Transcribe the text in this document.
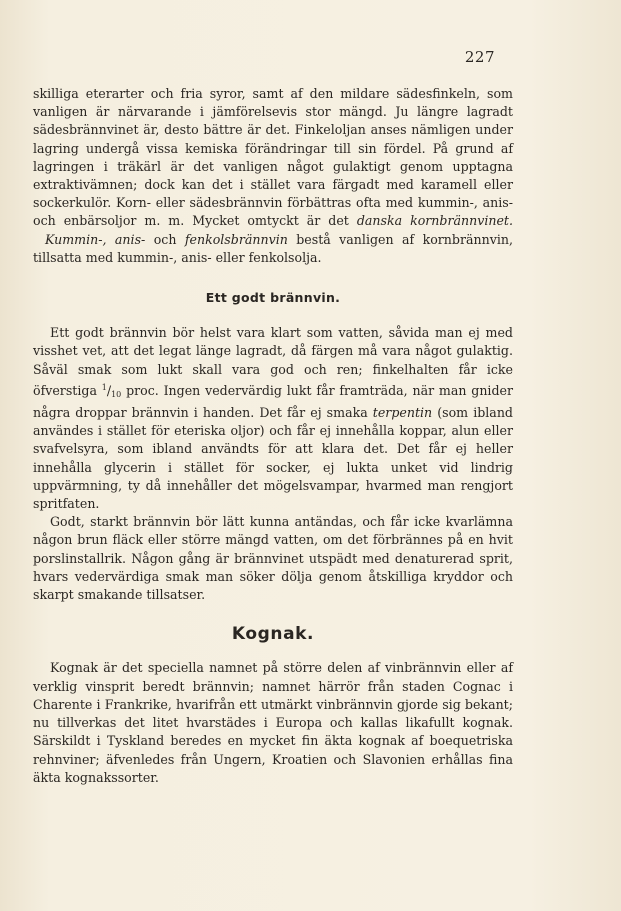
227

skilliga eterarter och fria syror, samt af den mildare sädesfinkeln, som vanligen är närvarande i jämförelsevis stor mängd. Ju längre lagradt sädesbrännvinet är, desto bättre är det. Finkeloljan anses nämligen under lagring undergå vissa kemiska förändringar till sin fördel. På grund af lagringen i träkärl är det vanligen något gulaktigt genom upptagna extraktivämnen; dock kan det i stället vara färgadt med karamell eller sockerkulör. Korn- eller sädesbrännvin förbättras ofta med kummin-, anis- och enbärsoljor m. m. Mycket omtyckt är det danska kornbrännvinet. Kummin-, anis- och fenkolsbrännvin bestå vanligen af kornbrännvin, tillsatta med kummin-, anis- eller fenkolsolja.

Ett godt brännvin.

Ett godt brännvin bör helst vara klart som vatten, såvida man ej med visshet vet, att det legat länge lagradt, då färgen må vara något gulaktig. Såväl smak som lukt skall vara god och ren; finkelhalten får icke öfverstiga $^1/_{10}$ proc. Ingen vedervärdig lukt får framträda, när man gnider några droppar brännvin i handen. Det får ej smaka terpentin (som ibland användes i stället för eteriska oljor) och får ej innehålla koppar, alun eller svafvelsyra, som ibland användts för att klara det. Det får ej heller innehålla glycerin i stället för socker, ej lukta unket vid lindrig uppvärmning, ty då innehåller det mögelsvampar, hvarmed man rengjort spritfaten.

Godt, starkt brännvin bör lätt kunna antändas, och får icke kvarlämna någon brun fläck eller större mängd vatten, om det förbrännes på en hvit porslinstallrik. Någon gång är brännvinet utspädt med denaturerad sprit, hvars vedervärdiga smak man söker dölja genom åtskilliga kryddor och skarpt smakande tillsatser.

Kognak.

Kognak är det speciella namnet på större delen af vinbrännvin eller af verklig vinsprit beredt brännvin; namnet härrör från staden Cognac i Charente i Frankrike, hvarifrån ett utmärkt vinbrännvin gjorde sig bekant; nu tillverkas det litet hvarstädes i Europa och kallas likafullt kognak. Särskildt i Tyskland beredes en mycket fin äkta kognak af boequetriska rehnviner; äfvenledes från Ungern, Kroatien och Slavonien erhållas fina äkta kognakssorter.
